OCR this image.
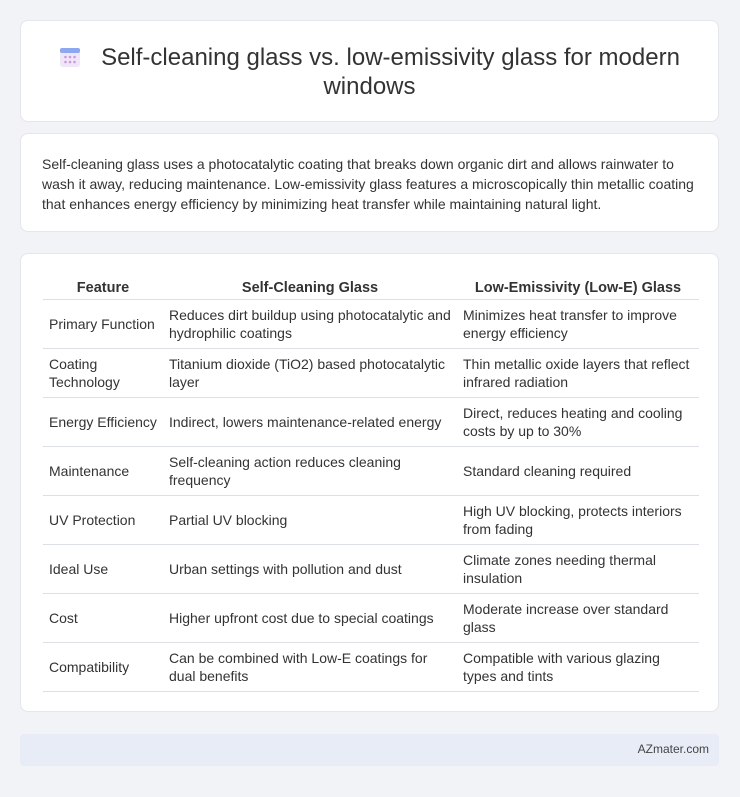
Self-cleaning glass vs. low-emissivity glass for modern windows

Self-cleaning glass uses a photocatalytic coating that breaks down organic dirt and allows rainwater to wash it away, reducing maintenance. Low-emissivity glass features a microscopically thin metallic coating that enhances energy efficiency by minimizing heat transfer while maintaining natural light.

Feature	Self-Cleaning Glass	Low-Emissivity (Low-E) Glass
Primary Function	Reduces dirt buildup using photocatalytic and hydrophilic coatings	Minimizes heat transfer to improve energy efficiency
Coating Technology	Titanium dioxide (TiO2) based photocatalytic layer	Thin metallic oxide layers that reflect infrared radiation
Energy Efficiency	Indirect, lowers maintenance-related energy	Direct, reduces heating and cooling costs by up to 30%
Maintenance	Self-cleaning action reduces cleaning frequency	Standard cleaning required
UV Protection	Partial UV blocking	High UV blocking, protects interiors from fading
Ideal Use	Urban settings with pollution and dust	Climate zones needing thermal insulation
Cost	Higher upfront cost due to special coatings	Moderate increase over standard glass
Compatibility	Can be combined with Low-E coatings for dual benefits	Compatible with various glazing types and tints
AZmater.com
